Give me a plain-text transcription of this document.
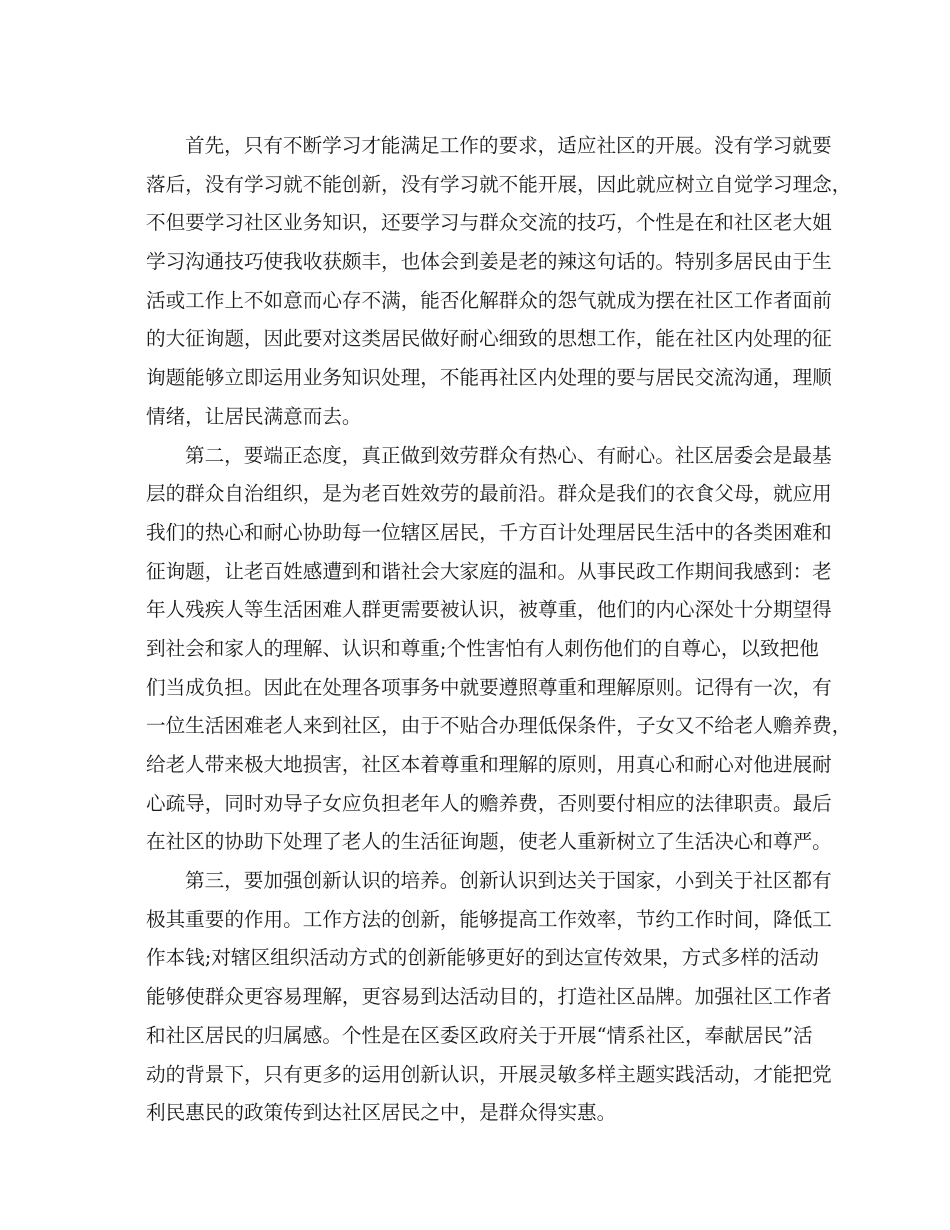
首先，只有不断学习才能满足工作的要求，适应社区的开展。没有学习就要
落后，没有学习就不能创新，没有学习就不能开展，因此就应树立自觉学习理念，
不但要学习社区业务知识，还要学习与群众交流的技巧，个性是在和社区老大姐
学习沟通技巧使我收获颇丰，也体会到姜是老的辣这句话的。特别多居民由于生
活或工作上不如意而心存不满，能否化解群众的怨气就成为摆在社区工作者面前
的大征询题，因此要对这类居民做好耐心细致的思想工作，能在社区内处理的征
询题能够立即运用业务知识处理，不能再社区内处理的要与居民交流沟通，理顺
情绪，让居民满意而去。
第二，要端正态度，真正做到效劳群众有热心、有耐心。社区居委会是最基
层的群众自治组织，是为老百姓效劳的最前沿。群众是我们的衣食父母，就应用
我们的热心和耐心协助每一位辖区居民，千方百计处理居民生活中的各类困难和
征询题，让老百姓感遭到和谐社会大家庭的温和。从事民政工作期间我感到：老
年人残疾人等生活困难人群更需要被认识，被尊重，他们的内心深处十分期望得
到社会和家人的理解、认识和尊重;个性害怕有人刺伤他们的自尊心，以致把他
们当成负担。因此在处理各项事务中就要遵照尊重和理解原则。记得有一次，有
一位生活困难老人来到社区，由于不贴合办理低保条件，子女又不给老人赡养费，
给老人带来极大地损害，社区本着尊重和理解的原则，用真心和耐心对他进展耐
心疏导，同时劝导子女应负担老年人的赡养费，否则要付相应的法律职责。最后
在社区的协助下处理了老人的生活征询题，使老人重新树立了生活决心和尊严。
第三，要加强创新认识的培养。创新认识到达关于国家，小到关于社区都有
极其重要的作用。工作方法的创新，能够提高工作效率，节约工作时间，降低工
作本钱;对辖区组织活动方式的创新能够更好的到达宣传效果，方式多样的活动
能够使群众更容易理解，更容易到达活动目的，打造社区品牌。加强社区工作者
和社区居民的归属感。个性是在区委区政府关于开展“情系社区，奉献居民”活
动的背景下，只有更多的运用创新认识，开展灵敏多样主题实践活动，才能把党
利民惠民的政策传到达社区居民之中，是群众得实惠。
